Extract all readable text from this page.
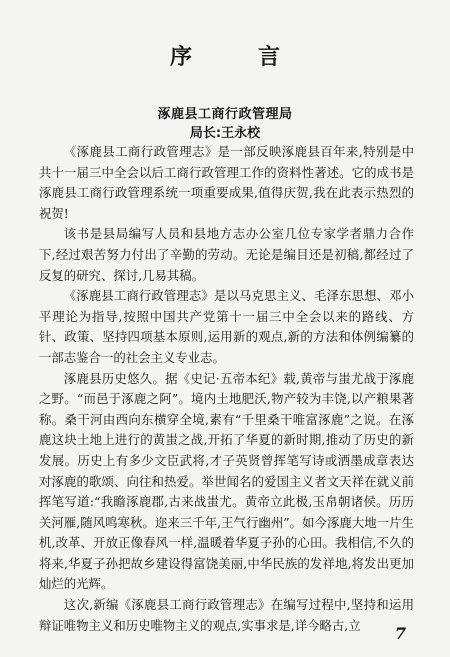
序　言
涿鹿县工商行政管理局
局长:王永校

《涿鹿县工商行政管理志》是一部反映涿鹿县百年来,特别是中共十一届三中全会以后工商行政管理工作的资料性著述。它的成书是涿鹿县工商行政管理系统一项重要成果,值得庆贺,我在此表示热烈的祝贺!

该书是县局编写人员和县地方志办公室几位专家学者鼎力合作下,经过艰苦努力付出了辛勤的劳动。无论是编目还是初稿,都经过了反复的研究、探讨,几易其稿。

《涿鹿县工商行政管理志》是以马克思主义、毛泽东思想、邓小平理论为指导,按照中国共产党第十一届三中全会以来的路线、方针、政策、坚持四项基本原则,运用新的观点,新的方法和体例编纂的一部志鉴合一的社会主义专业志。

涿鹿县历史悠久。据《史记·五帝本纪》载,黄帝与蚩尤战于涿鹿之野。“而邑于涿鹿之阿”。境内土地肥沃,物产较为丰饶,以产粮果著称。桑干河由西向东横穿全境,素有“千里桑干唯富涿鹿”之说。在涿鹿这块土地上进行的黄蚩之战,开拓了华夏的新时期,推动了历史的新发展。历史上有多少文臣武将,才子英贤曾挥笔写诗或洒墨成章表达对涿鹿的歌颂、向往和热爱。举世闻名的爱国主义者文天祥在就义前挥笔写道:“我瞻涿鹿郡,古来战蚩尤。黄帝立此极,玉帛朝诸侯。历历关河雁,随风鸣寒秋。迩来三千年,王气行幽州”。如今涿鹿大地一片生机,改革、开放正像春风一样,温暖着华夏子孙的心田。我相信,不久的将来,华夏子孙把故乡建设得富饶美丽,中华民族的发祥地,将发出更加灿烂的光辉。

这次,新编《涿鹿县工商行政管理志》在编写过程中,坚持和运用辩证唯物主义和历史唯物主义的观点,实事求是,详今略古,立	7
